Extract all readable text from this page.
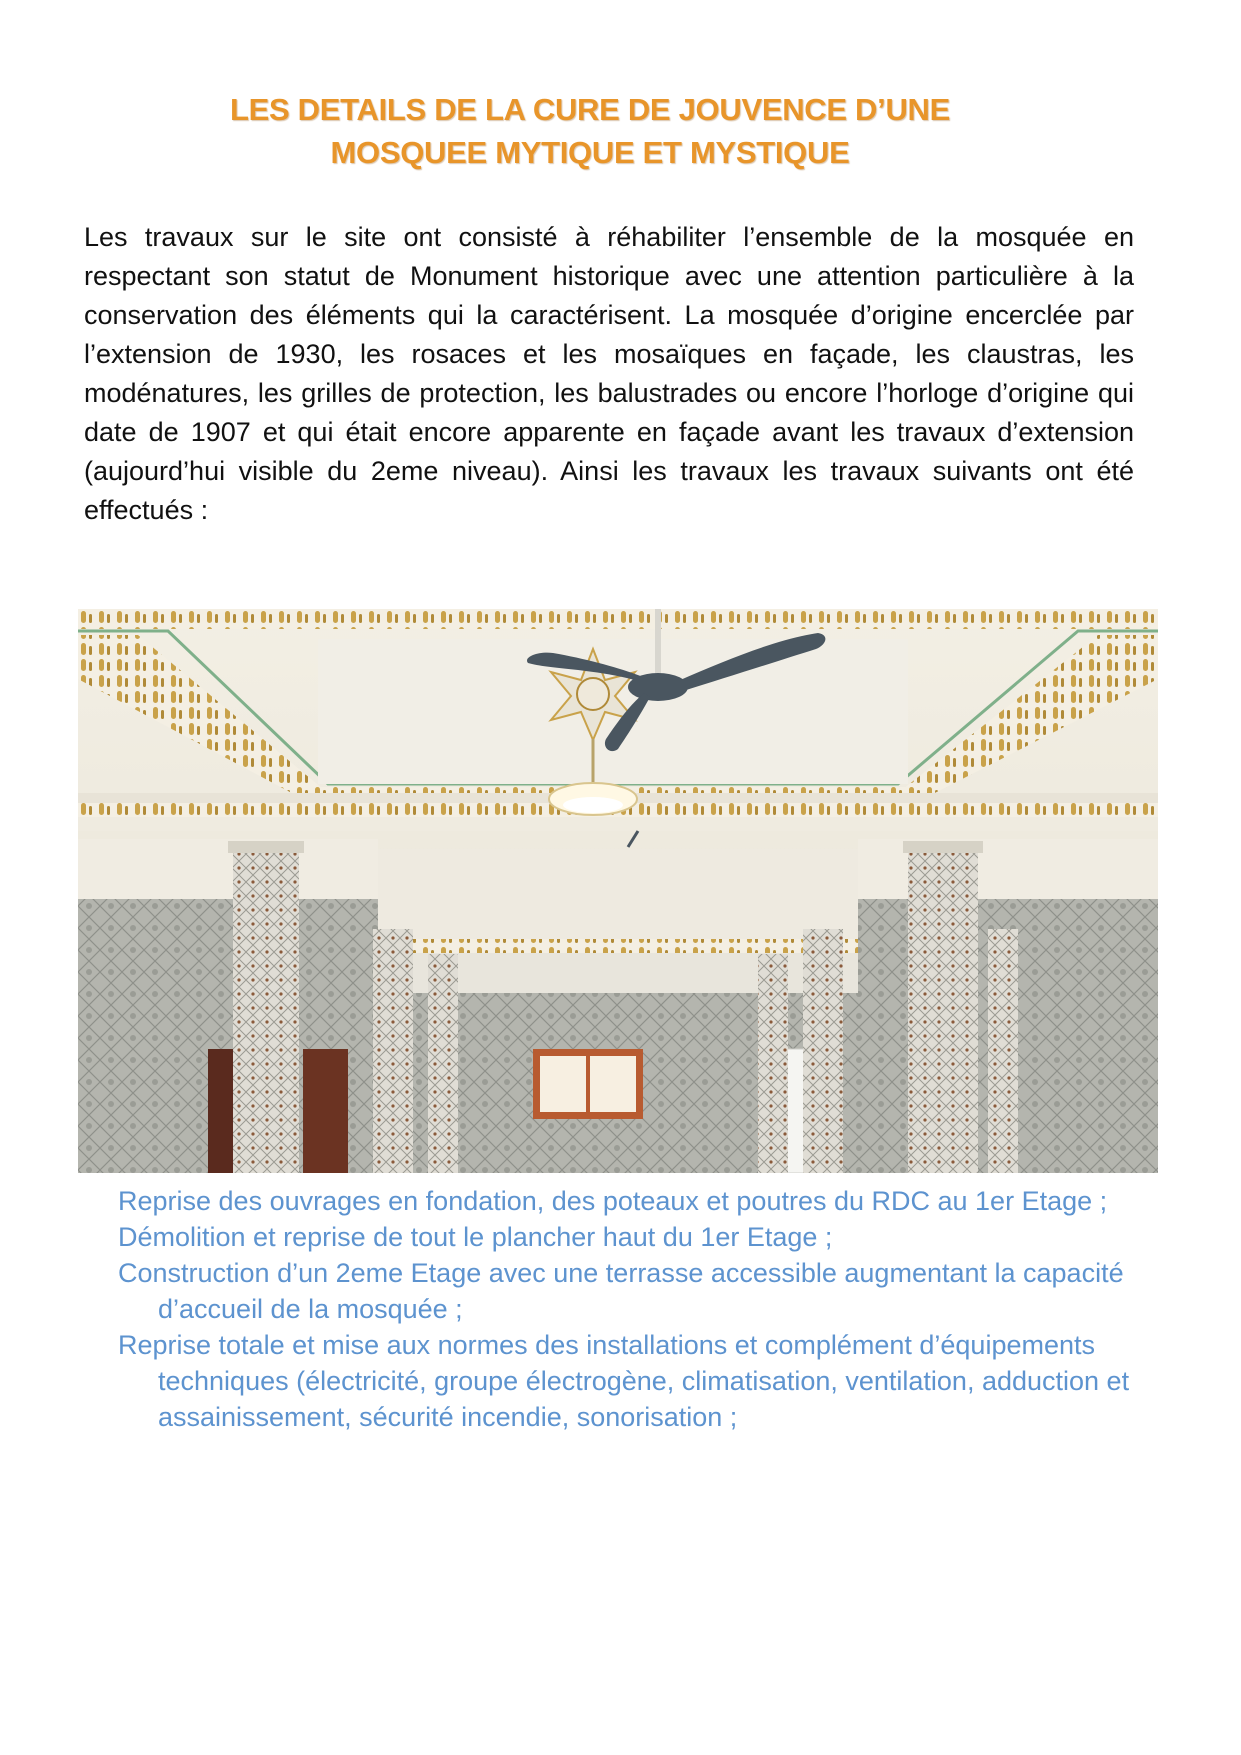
LES DETAILS DE LA CURE DE JOUVENCE D’UNE
MOSQUEE MYTIQUE ET MYSTIQUE

Les travaux sur le site ont consisté à réhabiliter l’ensemble de la mosquée en respectant son statut de Monument historique avec une attention particulière à la conservation des éléments qui la caractérisent. La mosquée d’origine encerclée par l’extension de 1930, les rosaces et les mosaïques en façade, les claustras, les modénatures, les grilles de protection, les balustrades ou encore l’horloge d’origine qui date de 1907 et qui était encore apparente en façade avant les travaux d’extension (aujourd’hui visible du 2eme niveau). Ainsi les travaux les travaux suivants ont été effectués :

Reprise des ouvrages en fondation, des poteaux et poutres du RDC au 1er Etage ;
Démolition et reprise de tout le plancher haut du 1er Etage ;
Construction d’un 2eme Etage avec une terrasse accessible augmentant la capacité d’accueil de la mosquée ;
Reprise totale et mise aux normes des installations et complément d’équipements techniques (électricité, groupe électrogène, climatisation, ventilation, adduction et assainissement, sécurité incendie, sonorisation ;
